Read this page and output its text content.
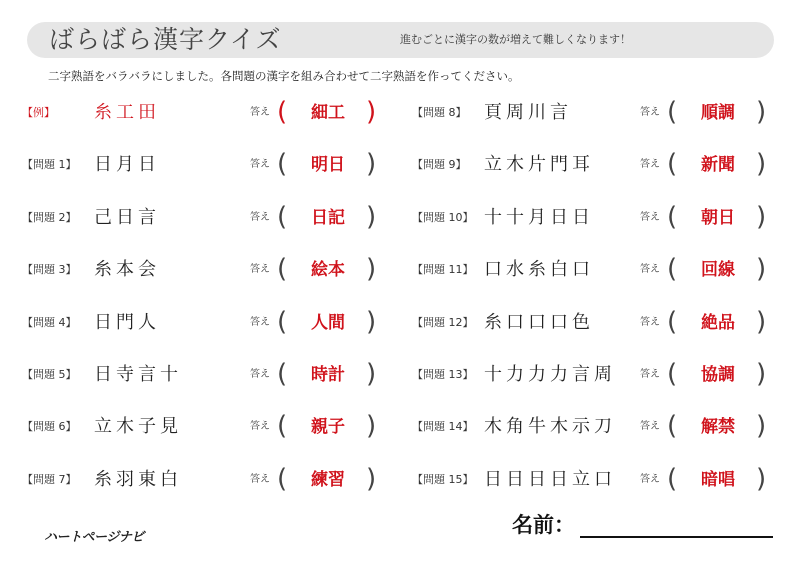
ばらばら漢字クイズ	進むごとに漢字の数が増えて難しくなります！
二字熟語をバラバラにしました。各問題の漢字を組み合わせて二字熟語を作ってください。
【例】 糸工田	答え (	細工 )
【問題 1】 日月日	答え (	明日 )
【問題 2】 己日言	答え (	日記 )
【問題 3】 糸本会	答え (	絵本 )
【問題 4】 日門人	答え (	人間 )
【問題 5】 日寺言十	答え (	時計 )
【問題 6】 立木子見	答え (	親子 )
【問題 7】 糸羽東白	答え (	練習 )
【問題 8】 頁周川言	答え (	順調 )
【問題 9】 立木片門耳	答え (	新聞 )
【問題 10】 十十月日日	答え (	朝日 )
【問題 11】 口水糸白口	答え (	回線 )
【問題 12】 糸口口口色	答え (	絶品 )
【問題 13】 十力力力言周 答え (	協調 )
【問題 14】 木角牛木示刀 答え (	解禁 )
【問題 15】 日日日日立口 答え (	暗唱 )
ハートページナビ
名前：
